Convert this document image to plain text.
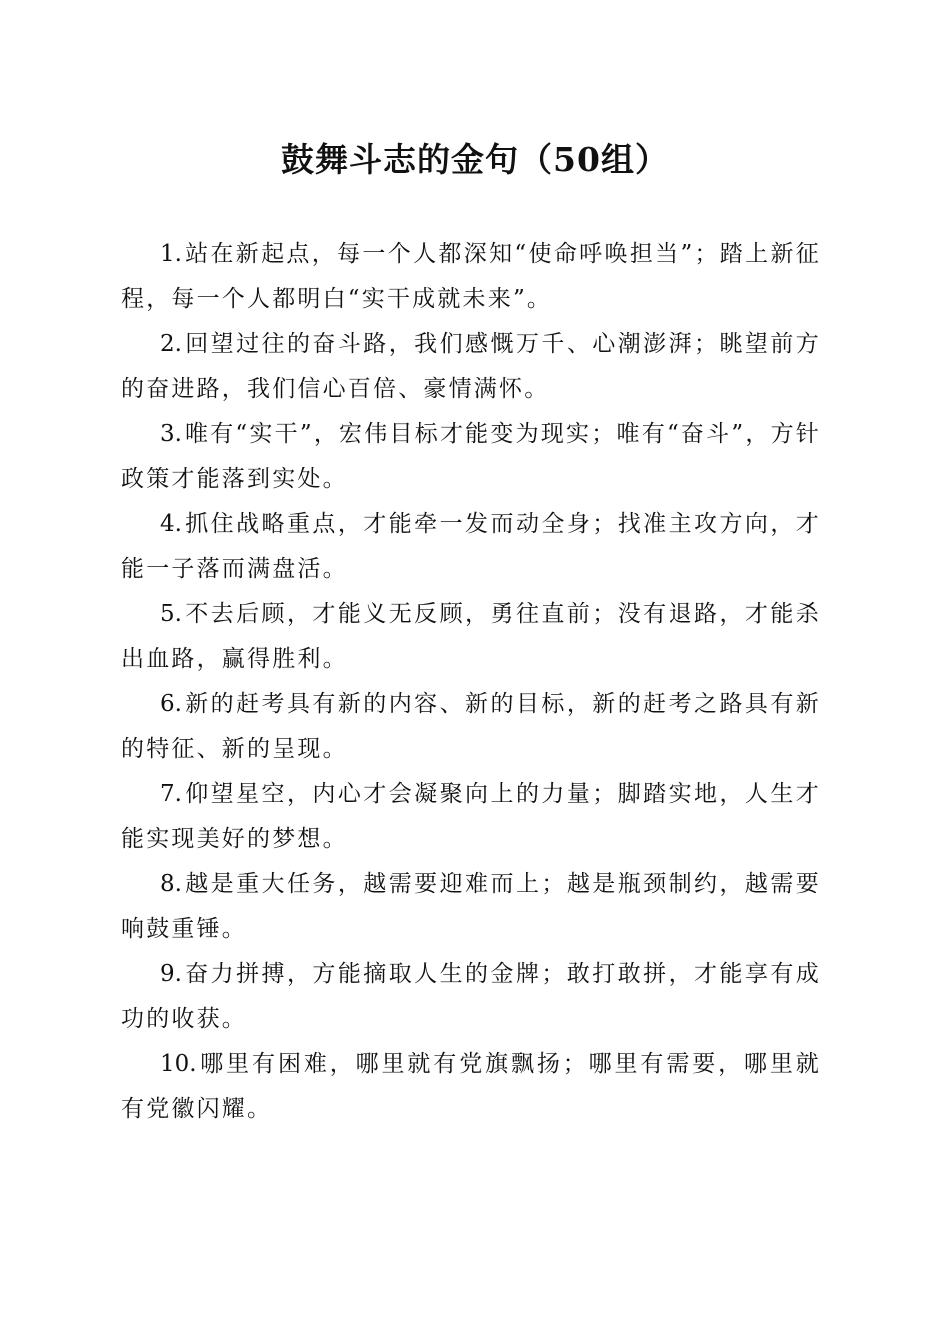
鼓舞斗志的金句（50组）

1. 站在新起点，每一个人都深知“使命呼唤担当”；踏上新征程，每一个人都明白“实干成就未来”。

2. 回望过往的奋斗路，我们感慨万千、心潮澎湃；眺望前方的奋进路，我们信心百倍、豪情满怀。

3. 唯有“实干”，宏伟目标才能变为现实；唯有“奋斗”，方针政策才能落到实处。

4. 抓住战略重点，才能牵一发而动全身；找准主攻方向，才能一子落而满盘活。

5. 不去后顾，才能义无反顾，勇往直前；没有退路，才能杀出血路，赢得胜利。

6. 新的赶考具有新的内容、新的目标，新的赶考之路具有新的特征、新的呈现。

7. 仰望星空，内心才会凝聚向上的力量；脚踏实地，人生才能实现美好的梦想。

8. 越是重大任务，越需要迎难而上；越是瓶颈制约，越需要响鼓重锤。

9. 奋力拼搏，方能摘取人生的金牌；敢打敢拼，才能享有成功的收获。

10. 哪里有困难，哪里就有党旗飘扬；哪里有需要，哪里就有党徽闪耀。
